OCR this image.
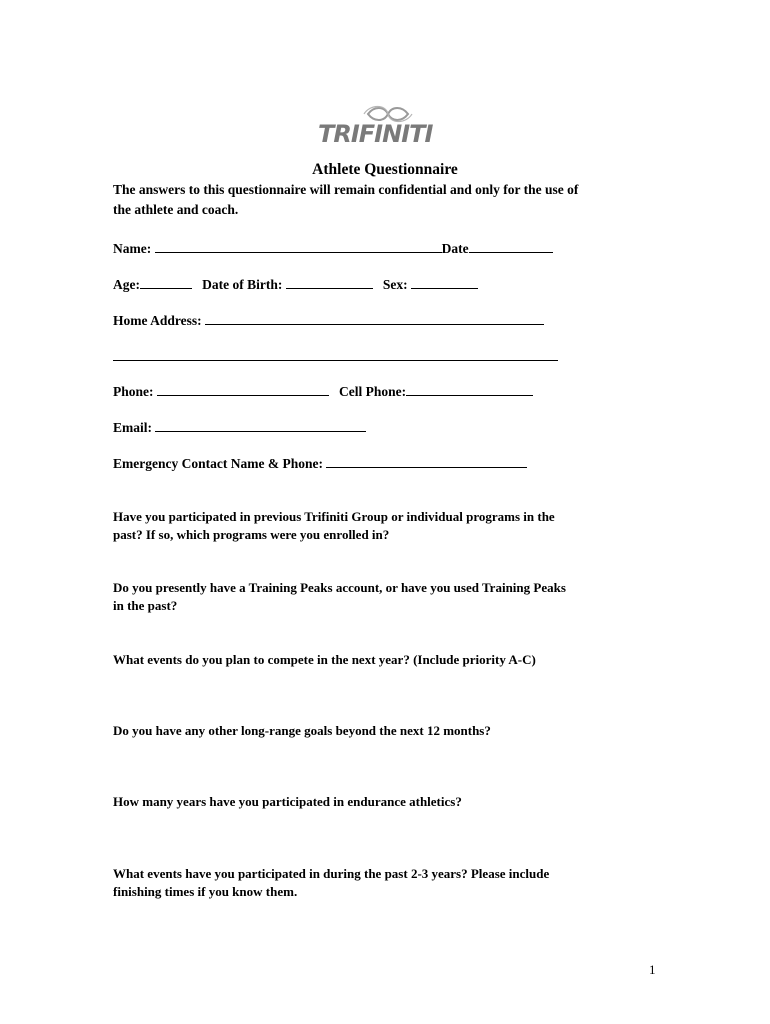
TRIFINITI
Athlete Questionnaire
The answers to this questionnaire will remain confidential and only for the use of
the athlete and coach.
Name:	Date
Age:	Date of Birth:	Sex:
Home Address:
Phone:	Cell Phone:
Email:
Emergency Contact Name & Phone:
Have you participated in previous Trifiniti Group or individual programs in the
past? If so, which programs were you enrolled in?
Do you presently have a Training Peaks account, or have you used Training Peaks
in the past?
What events do you plan to compete in the next year? (Include priority A-C)
Do you have any other long-range goals beyond the next 12 months?
How many years have you participated in endurance athletics?
What events have you participated in during the past 2-3 years? Please include
finishing times if you know them.
1
